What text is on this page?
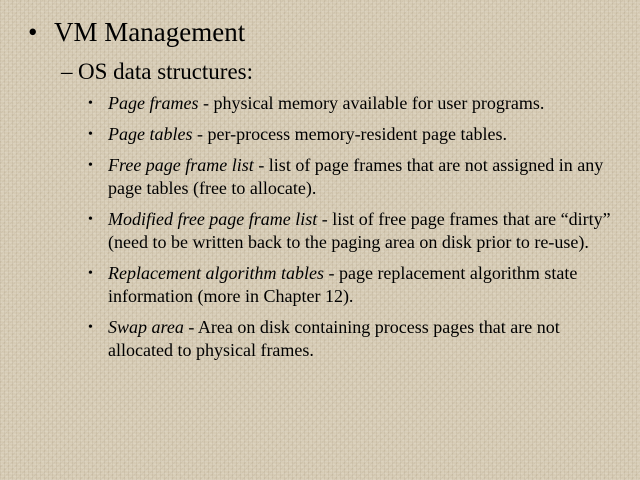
• VM Management
– OS data structures:
• Page frames - physical memory available for user programs.
• Page tables - per-process memory-resident page tables.
• Free page frame list - list of page frames that are not assigned in any page tables (free to allocate).
• Modified free page frame list - list of free page frames that are “dirty” (need to be written back to the paging area on disk prior to re-use).
• Replacement algorithm tables - page replacement algorithm state information (more in Chapter 12).
• Swap area - Area on disk containing process pages that are not allocated to physical frames.
